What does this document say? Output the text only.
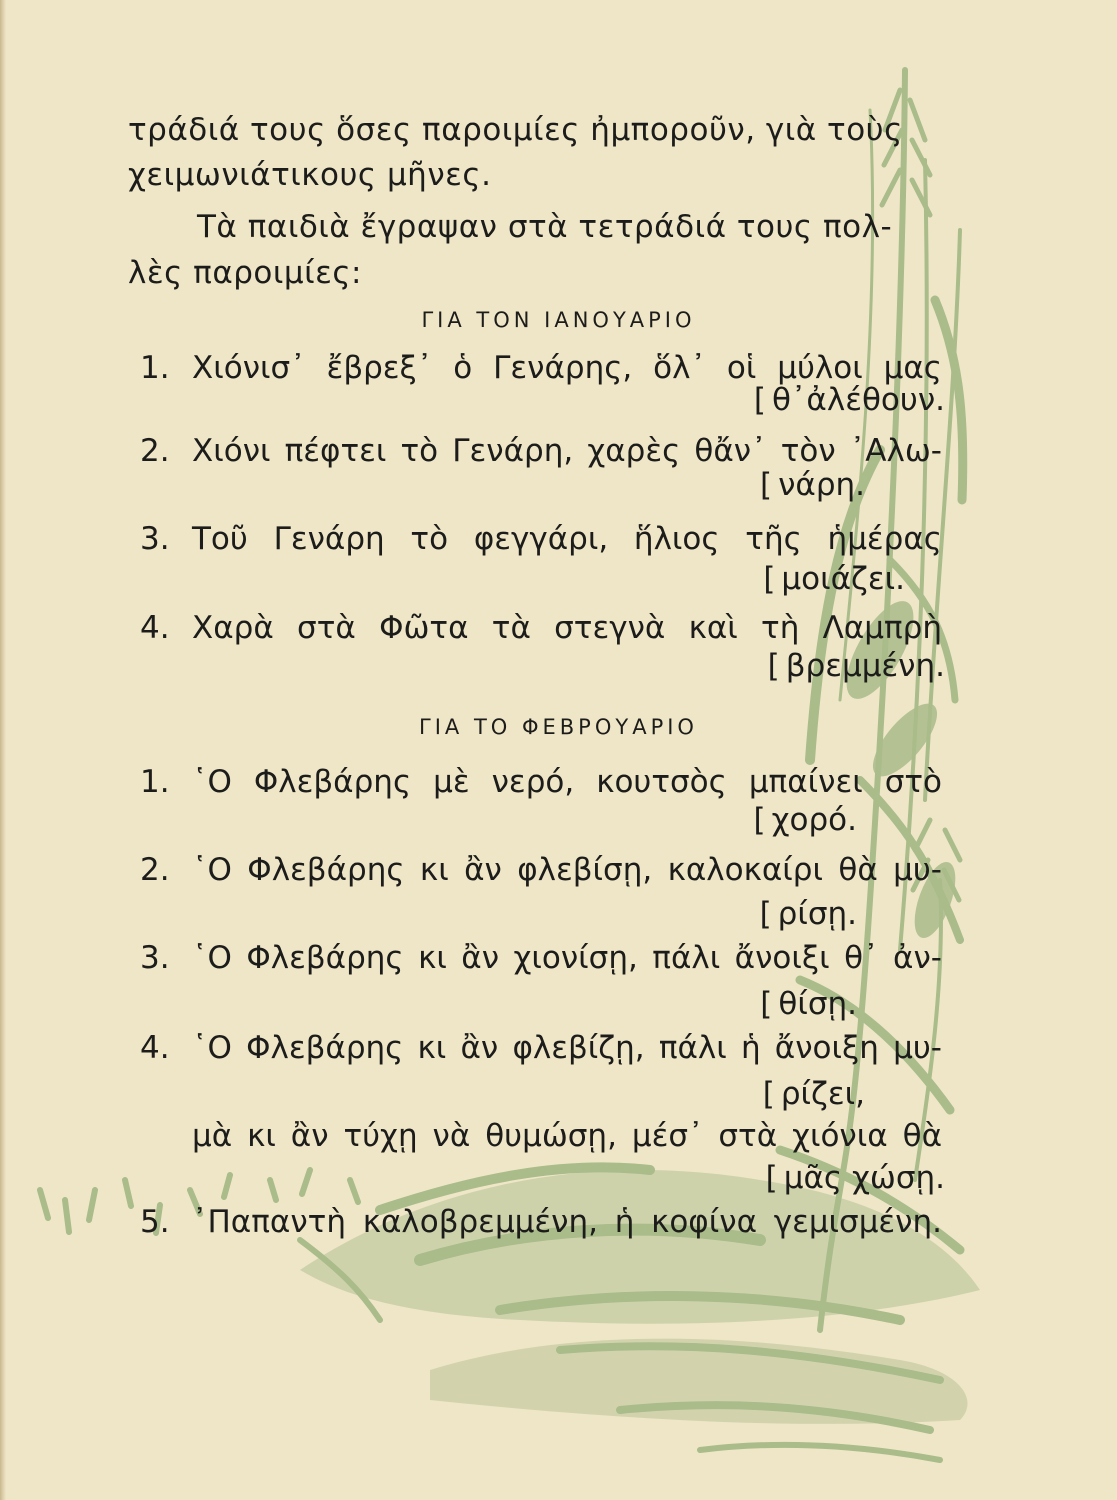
τράδιά τους ὅσες παροιμίες ἠμποροῦν, γιὰ τοὺς
χειμωνιάτικους μῆνες.
Τὰ παιδιὰ ἔγραψαν στὰ τετράδιά τους πολ-
λὲς παροιμίες:
ΓΙΑ ΤΟΝ ΙΑΝΟΥΑΡΙΟ
1. Χιόνισ᾽ ἔβρεξ᾽ ὁ Γενάρης, ὅλ᾽ οἱ μύλοι μας
[ θ᾽ἀλέθουν.
2. Χιόνι πέφτει τὸ Γενάρη, χαρὲς θἄν᾽ τὸν ᾽Αλω-
[ νάρη.
3. Τοῦ Γενάρη τὸ φεγγάρι, ἥλιος τῆς ἡμέρας
[ μοιάζει.
4. Χαρὰ στὰ Φῶτα τὰ στεγνὰ καὶ τὴ Λαμπρὴ
[ βρεμμένη.
ΓΙΑ ΤΟ ΦΕΒΡΟΥΑΡΙΟ
1. ῾Ο Φλεβάρης μὲ νερό, κουτσὸς μπαίνει στὸ
[ χορό.
2. ῾Ο Φλεβάρης κι ἂν φλεβίσῃ, καλοκαίρι θὰ μυ-
[ ρίσῃ.
3. ῾Ο Φλεβάρης κι ἂν χιονίσῃ, πάλι ἄνοιξι θ᾽ ἀν-
[ θίσῃ.
4. ῾Ο Φλεβάρης κι ἂν φλεβίζῃ, πάλι ἡ ἄνοιξη μυ-
[ ρίζει,
μὰ κι ἂν τύχῃ νὰ θυμώσῃ, μέσ᾽ στὰ χιόνια θὰ
[ μᾶς χώσῃ.
5. ᾽Παπαντὴ καλοβρεμμένη, ἡ κοφίνα γεμισμένη.
